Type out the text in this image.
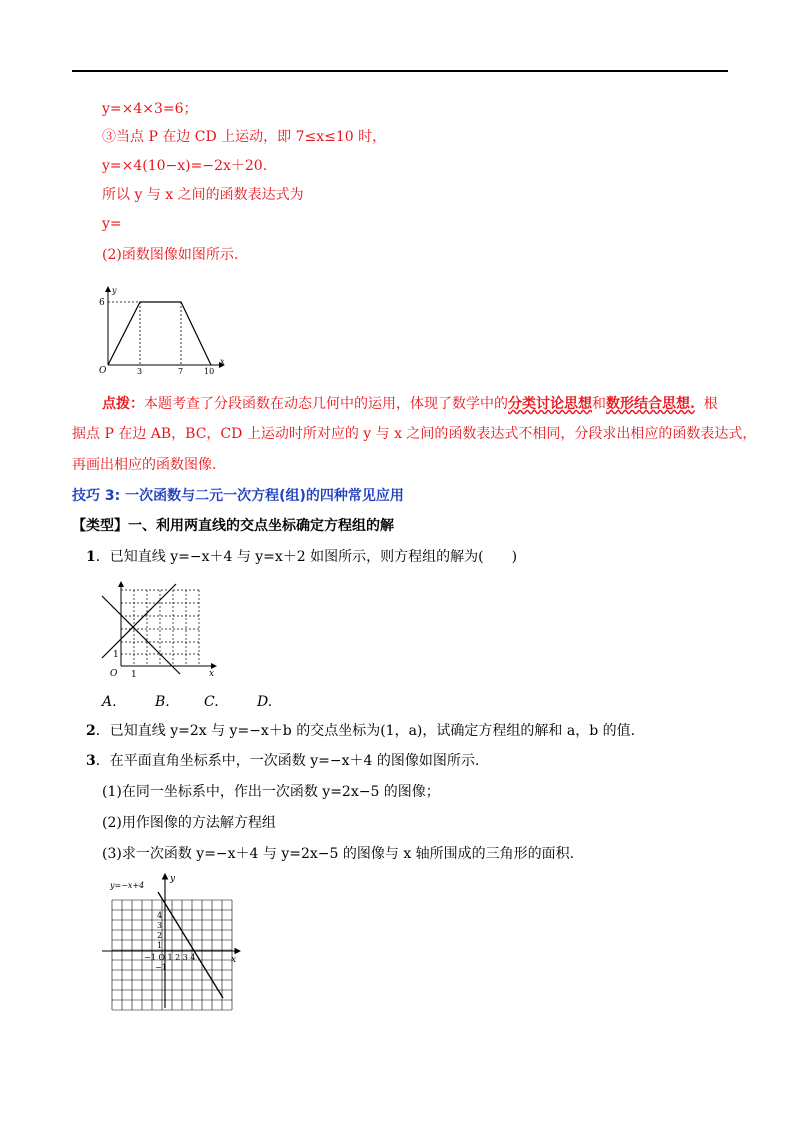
y=×4×3=6；
③当点 P 在边 CD 上运动，即 7≤x≤10 时，
y=×4(10−x)=−2x＋20.
所以 y 与 x 之间的函数表达式为
y=
(2)函数图像如图所示.
y
x
O
6
3	7	10
点拨：本题考查了分段函数在动态几何中的运用，体现了数学中的分类讨论思想和数形结合思想. 根
据点 P 在边 AB，BC，CD 上运动时所对应的 y 与 x 之间的函数表达式不相同，分段求出相应的函数表达式，
再画出相应的函数图像.
技巧 3: 一次函数与二元一次方程(组)的四种常见应用
【类型】一、利用两直线的交点坐标确定方程组的解
1．已知直线 y=−x＋4 与 y=x＋2 如图所示，则方程组的解为(　　)
O 1
1
x
A.	B. C.	D.
2．已知直线 y=2x 与 y=−x＋b 的交点坐标为(1，a)，试确定方程组的解和 a，b 的值.
3．在平面直角坐标系中，一次函数 y=−x＋4 的图像如图所示.
(1)在同一坐标系中，作出一次函数 y=2x−5 的图像；
(2)用作图像的方法解方程组
(3)求一次函数 y=−x＋4 与 y=2x−5 的图像与 x 轴所围成的三角形的面积.
y=−x+4
y
x
−1 O 1 2 3 4
4
3
2
1
−1
